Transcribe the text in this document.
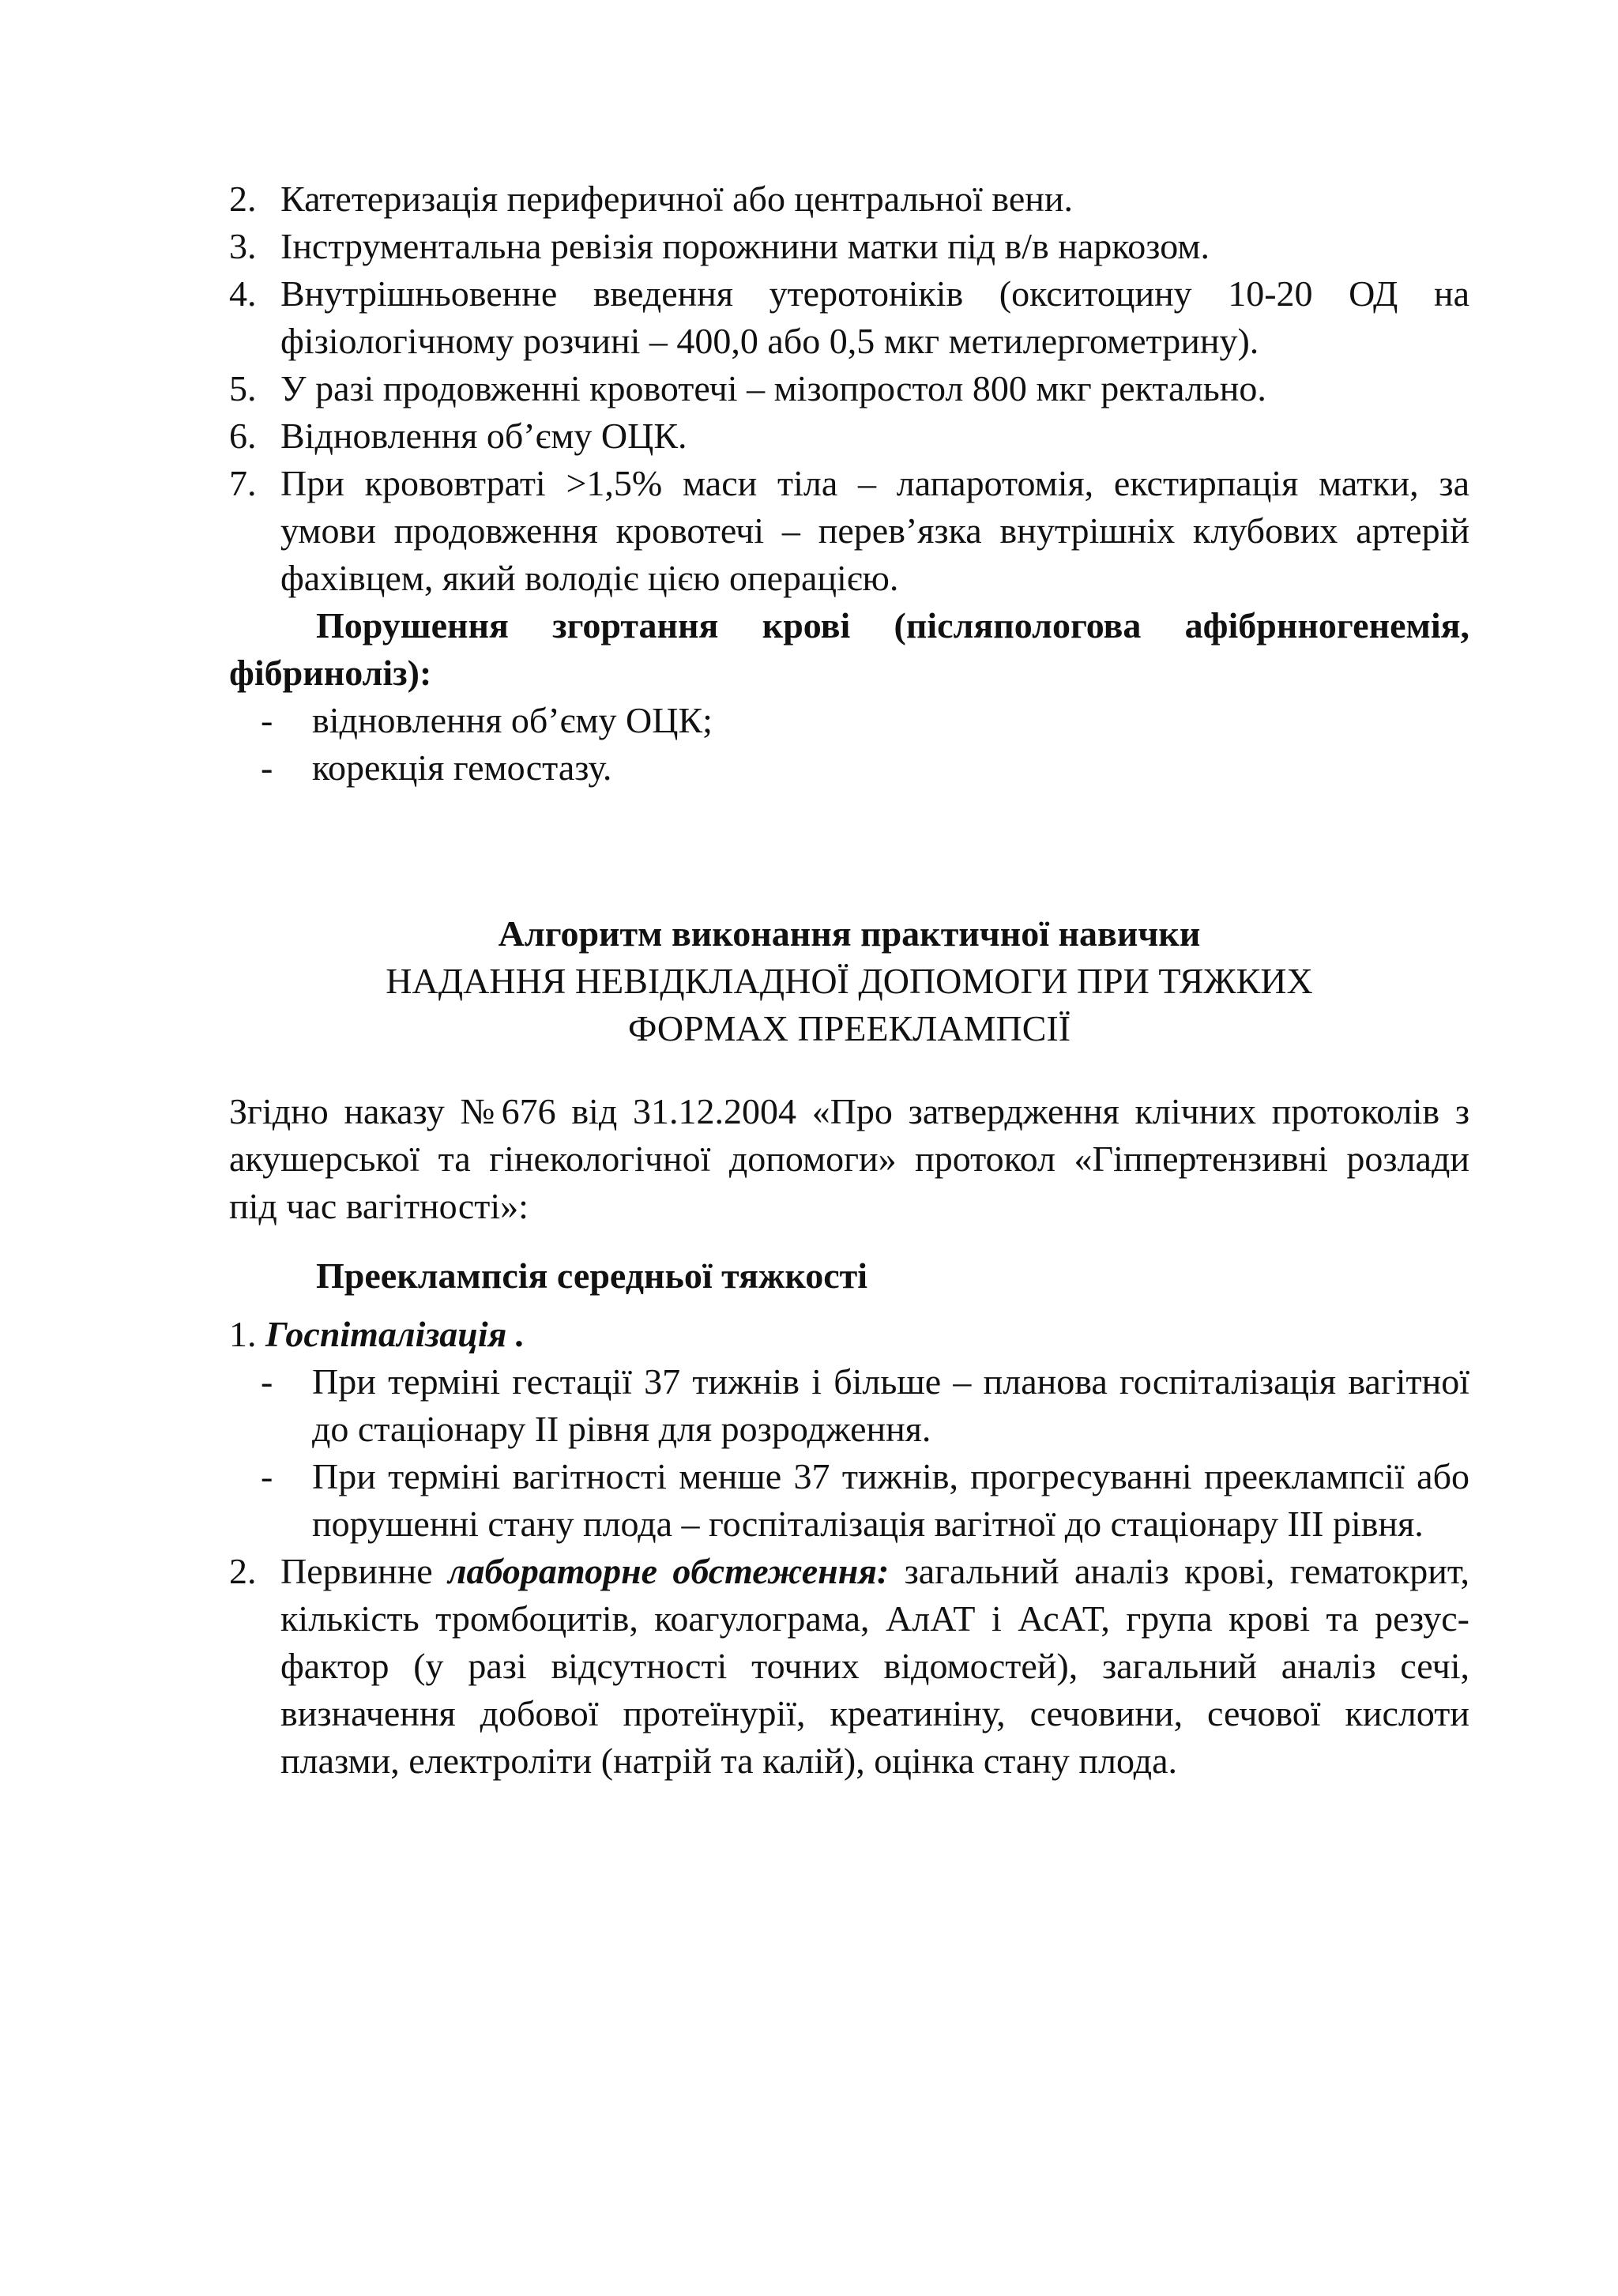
2. Катетеризація периферичної або центральної вени.
3. Інструментальна ревізія порожнини матки під в/в наркозом.
4. Внутрішньовенне введення утеротоніків (окситоцину 10-20 ОД на фізіологічному розчині – 400,0 або 0,5 мкг метилергометрину).
5. У разі продовженні кровотечі – мізопростол 800 мкг ректально.
6. Відновлення об’єму ОЦК.
7. При крововтраті >1,5% маси тіла – лапаротомія, екстирпація матки, за умови продовження кровотечі – перев’язка внутрішніх клубових артерій фахівцем, який володіє цією операцією.
Порушення згортання крові (післяпологова афібрнногенемія, фібриноліз):
-	відновлення об’єму ОЦК;
-	корекція гемостазу.
Алгоритм виконання практичної навички
НАДАННЯ НЕВІДКЛАДНОЇ ДОПОМОГИ ПРИ ТЯЖКИХ
ФОРМАХ ПРЕЕКЛАМПСІЇ
Згідно наказу №676 від 31.12.2004 «Про затвердження клічних протоколів з акушерської та гінекологічної допомоги» протокол «Гіппертензивні розлади під час вагітності»:
Прееклампсія середньої тяжкості
1. Госпіталізація .
-	При терміні гестації 37 тижнів і більше – планова госпіталізація вагітної до стаціонару II рівня для розродження.
-	При терміні вагітності менше 37 тижнів, прогресуванні прееклампсії або порушенні стану плода – госпіталізація вагітної до стаціонару III рівня.
2. Первинне лабораторне обстеження: загальний аналіз крові, гематокрит, кількість тромбоцитів, коагулограма, АлАТ і АсАТ, група крові та резус-фактор (у разі відсутності точних відомостей), загальний аналіз сечі, визначення добової протеїнурії, креатиніну, сечовини, сечової кислоти плазми, електроліти (натрій та калій), оцінка стану плода.
